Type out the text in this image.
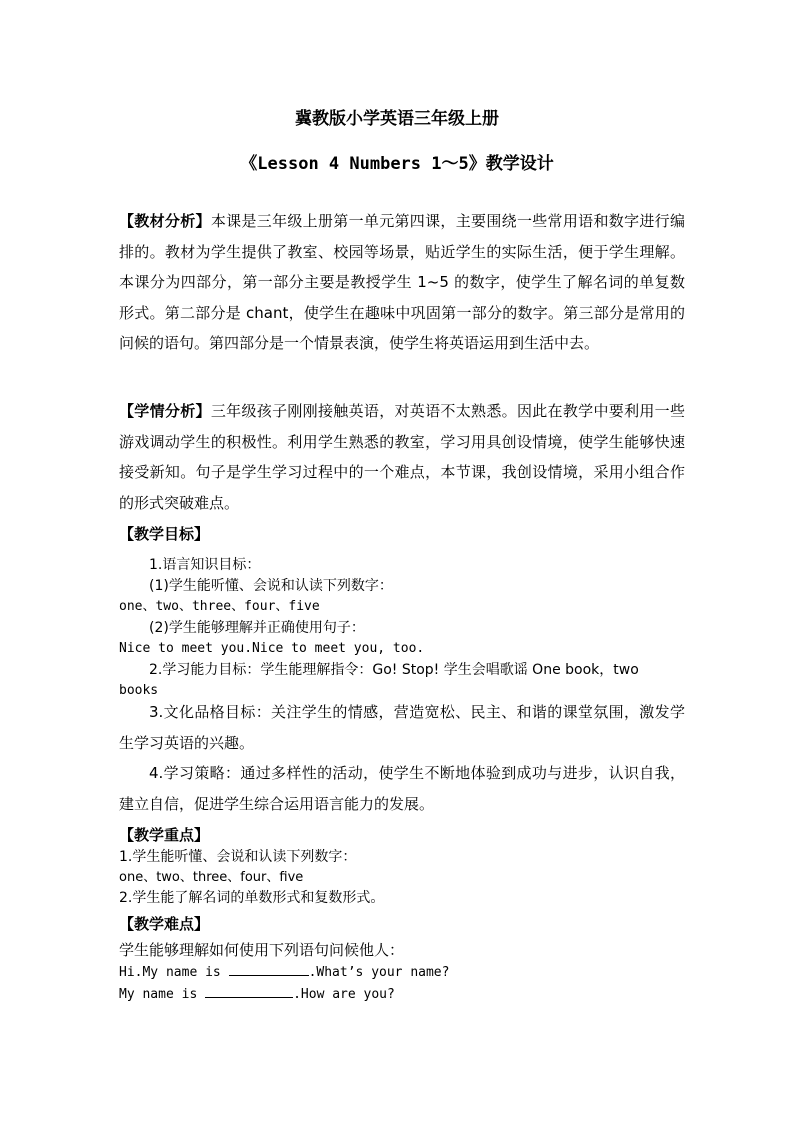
冀教版小学英语三年级上册

《Lesson 4 Numbers 1～5》教学设计

【教材分析】本课是三年级上册第一单元第四课，主要围绕一些常用语和数字进行编排的。教材为学生提供了教室、校园等场景，贴近学生的实际生活，便于学生理解。本课分为四部分，第一部分主要是教授学生 1~5 的数字，使学生了解名词的单复数形式。第二部分是 chant，使学生在趣味中巩固第一部分的数字。第三部分是常用的问候的语句。第四部分是一个情景表演，使学生将英语运用到生活中去。

【学情分析】三年级孩子刚刚接触英语，对英语不太熟悉。因此在教学中要利用一些游戏调动学生的积极性。利用学生熟悉的教室，学习用具创设情境，使学生能够快速接受新知。句子是学生学习过程中的一个难点，本节课，我创设情境，采用小组合作的形式突破难点。

【教学目标】

1.语言知识目标：

(1)学生能听懂、会说和认读下列数字：

one、two、three、four、five

(2)学生能够理解并正确使用句子：

Nice to meet you.Nice to meet you, too.

2.学习能力目标：学生能理解指令：Go! Stop! 学生会唱歌谣 One book，two

books

3.文化品格目标：关注学生的情感，营造宽松、民主、和谐的课堂氛围，激发学生学习英语的兴趣。

4.学习策略：通过多样性的活动，使学生不断地体验到成功与进步，认识自我，建立自信，促进学生综合运用语言能力的发展。

【教学重点】

1.学生能听懂、会说和认读下列数字：

one、two、three、four、five

2.学生能了解名词的单数形式和复数形式。

【教学难点】

学生能够理解如何使用下列语句问候他人：

Hi.My name is	.What’s your name?

My name is	.How are you?
